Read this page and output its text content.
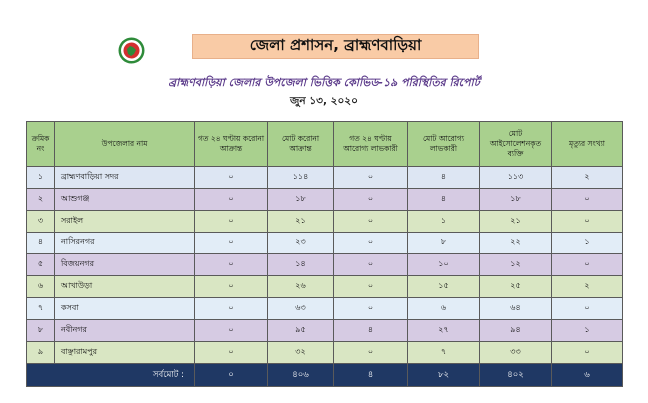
জেলা প্রশাসন, ব্রাহ্মণবাড়িয়া
ব্রাহ্মণবাড়িয়া জেলার উপজেলা ভিত্তিক কোভিড-১৯ পরিস্থিতির রিপোর্ট
জুন ১৩, ২০২০
ক্রমিক নং	উপজেলার নাম	গত ২৪ ঘণ্টায় করোনা আক্রান্ত	মোট করোনা আক্রান্ত	গত ২৪ ঘণ্টায় আরোগ্য লাভকারী	মোট আরোগ্য লাভকারী	মোট আইসোলেশনকৃত ব্যক্তি	মৃত্যুর সংখ্যা
১	ব্রাহ্মণবাড়িয়া সদর	০	১১৪	০	৪	১১৩	২
২	আশুগঞ্জ	০	১৮	০	৪	১৮	০
৩	সরাইল	০	২১	০	১	২১	০
৪	নাসিরনগর	০	২৩	০	৮	২২	১
৫	বিজয়নগর	০	১৪	০	১০	১২	০
৬	আখাউড়া	০	২৬	০	১৫	২৫	২
৭	কসবা	০	৬৩	০	৬	৬৪	০
৮	নবীনগর	০	৯৫	৪	২৭	৯৪	১
৯	বাঞ্ছারামপুর	০	৩২	০	৭	৩৩	০
সর্বমোট :		০	৪০৬	৪	৮২	৪০২	৬
